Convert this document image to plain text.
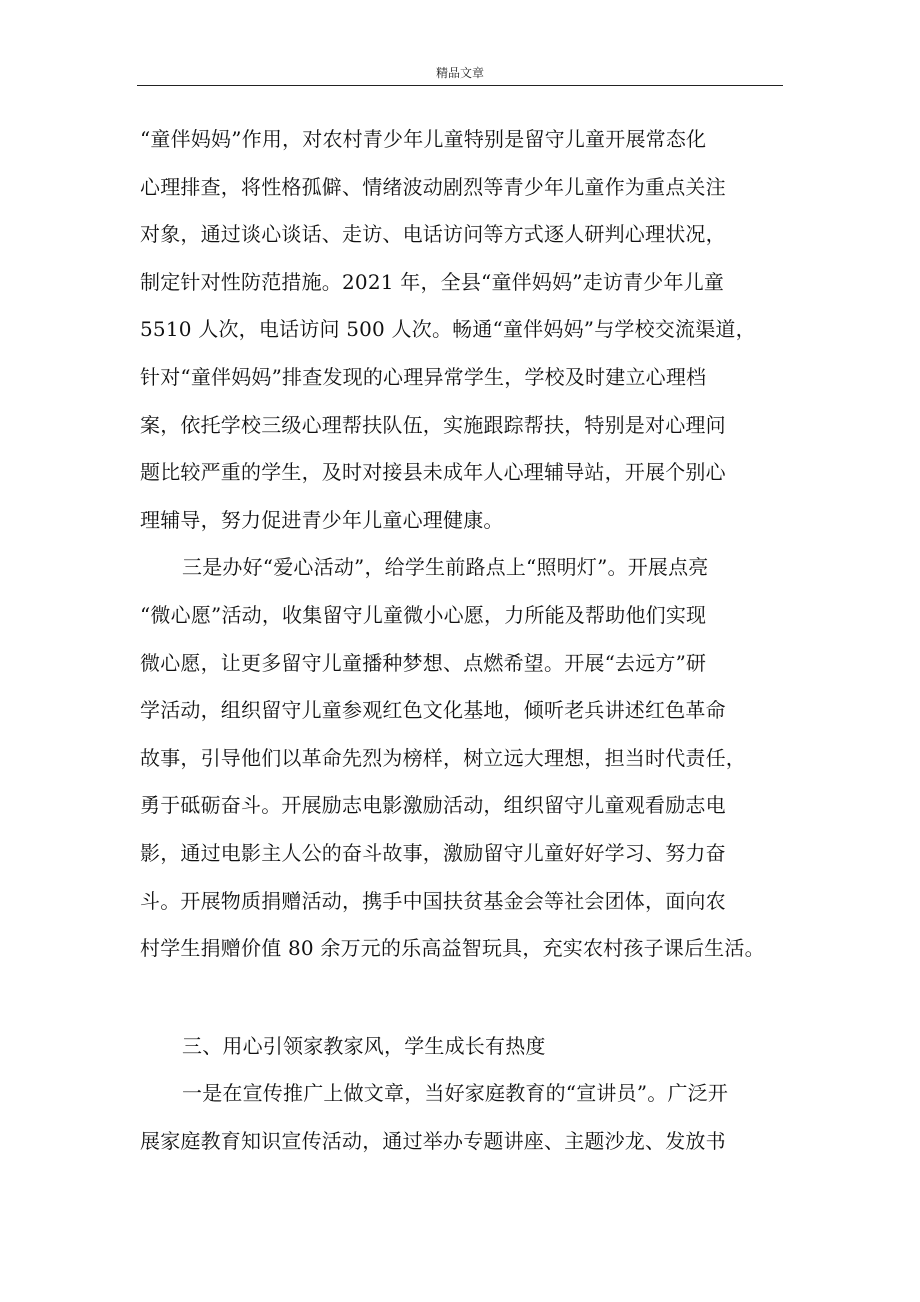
精品文章
“童伴妈妈”作用，对农村青少年儿童特别是留守儿童开展常态化
心理排查，将性格孤僻、情绪波动剧烈等青少年儿童作为重点关注
对象，通过谈心谈话、走访、电话访问等方式逐人研判心理状况，
制定针对性防范措施。2021 年，全县“童伴妈妈”走访青少年儿童
5510 人次，电话访问 500 人次。畅通“童伴妈妈”与学校交流渠道，
针对“童伴妈妈”排查发现的心理异常学生，学校及时建立心理档
案，依托学校三级心理帮扶队伍，实施跟踪帮扶，特别是对心理问
题比较严重的学生，及时对接县未成年人心理辅导站，开展个别心
理辅导，努力促进青少年儿童心理健康。
三是办好“爱心活动”，给学生前路点上“照明灯”。开展点亮
“微心愿”活动，收集留守儿童微小心愿，力所能及帮助他们实现
微心愿，让更多留守儿童播种梦想、点燃希望。开展“去远方”研
学活动，组织留守儿童参观红色文化基地，倾听老兵讲述红色革命
故事，引导他们以革命先烈为榜样，树立远大理想，担当时代责任，
勇于砥砺奋斗。开展励志电影激励活动，组织留守儿童观看励志电
影，通过电影主人公的奋斗故事，激励留守儿童好好学习、努力奋
斗。开展物质捐赠活动，携手中国扶贫基金会等社会团体，面向农
村学生捐赠价值 80 余万元的乐高益智玩具，充实农村孩子课后生活。
三、用心引领家教家风，学生成长有热度
一是在宣传推广上做文章，当好家庭教育的“宣讲员”。广泛开
展家庭教育知识宣传活动，通过举办专题讲座、主题沙龙、发放书
